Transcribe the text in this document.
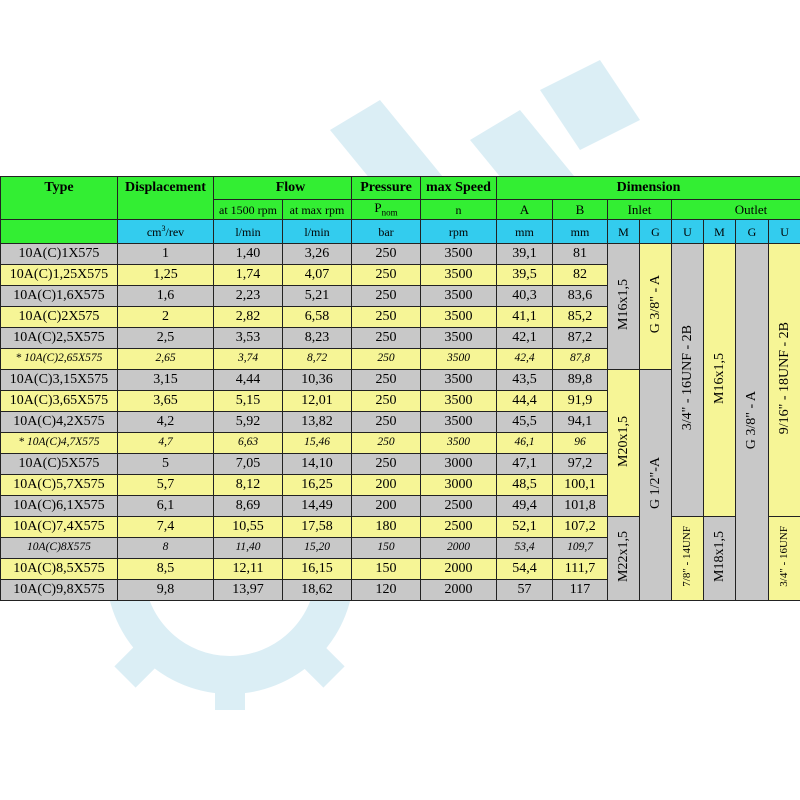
Type	Displacement	Flow		Pressure	max Speed	Dimension							
		at 1500 rpm	at max rpm	$P_{nom}$	n	A	B	Inlet		Outlet			
	$cm^3$/rev	l/min	l/min	bar	rpm	mm	mm	M	G	U	M	G	U
10A(C)1X575	1	1,40	3,26	250	3500	39,1	81	M16x1,5	G 3/8" - A	3/4" - 16UNF - 2B	M16x1,5	G 3/8" - A	9/16" - 18UNF - 2B
10A(C)1,25X575	1,25	1,74	4,07	250	3500	39,5	82						
10A(C)1,6X575	1,6	2,23	5,21	250	3500	40,3	83,6						
10A(C)2X575	2	2,82	6,58	250	3500	41,1	85,2						
10A(C)2,5X575	2,5	3,53	8,23	250	3500	42,1	87,2						
* 10A(C)2,65X575	2,65	3,74	8,72	250	3500	42,4	87,8						
10A(C)3,15X575	3,15	4,44	10,36	250	3500	43,5	89,8	M20x1,5	G 1/2"-A				
10A(C)3,65X575	3,65	5,15	12,01	250	3500	44,4	91,9						
10A(C)4,2X575	4,2	5,92	13,82	250	3500	45,5	94,1						
* 10A(C)4,7X575	4,7	6,63	15,46	250	3500	46,1	96						
10A(C)5X575	5	7,05	14,10	250	3000	47,1	97,2						
10A(C)5,7X575	5,7	8,12	16,25	200	3000	48,5	100,1						
10A(C)6,1X575	6,1	8,69	14,49	200	2500	49,4	101,8						
10A(C)7,4X575	7,4	10,55	17,58	180	2500	52,1	107,2	M22x1,5		7/8" - 14UNF	M18x1,5		3/4" - 16UNF
10A(C)8X575	8	11,40	15,20	150	2000	53,4	109,7						
10A(C)8,5X575	8,5	12,11	16,15	150	2000	54,4	111,7						
10A(C)9,8X575	9,8	13,97	18,62	120	2000	57	117						
